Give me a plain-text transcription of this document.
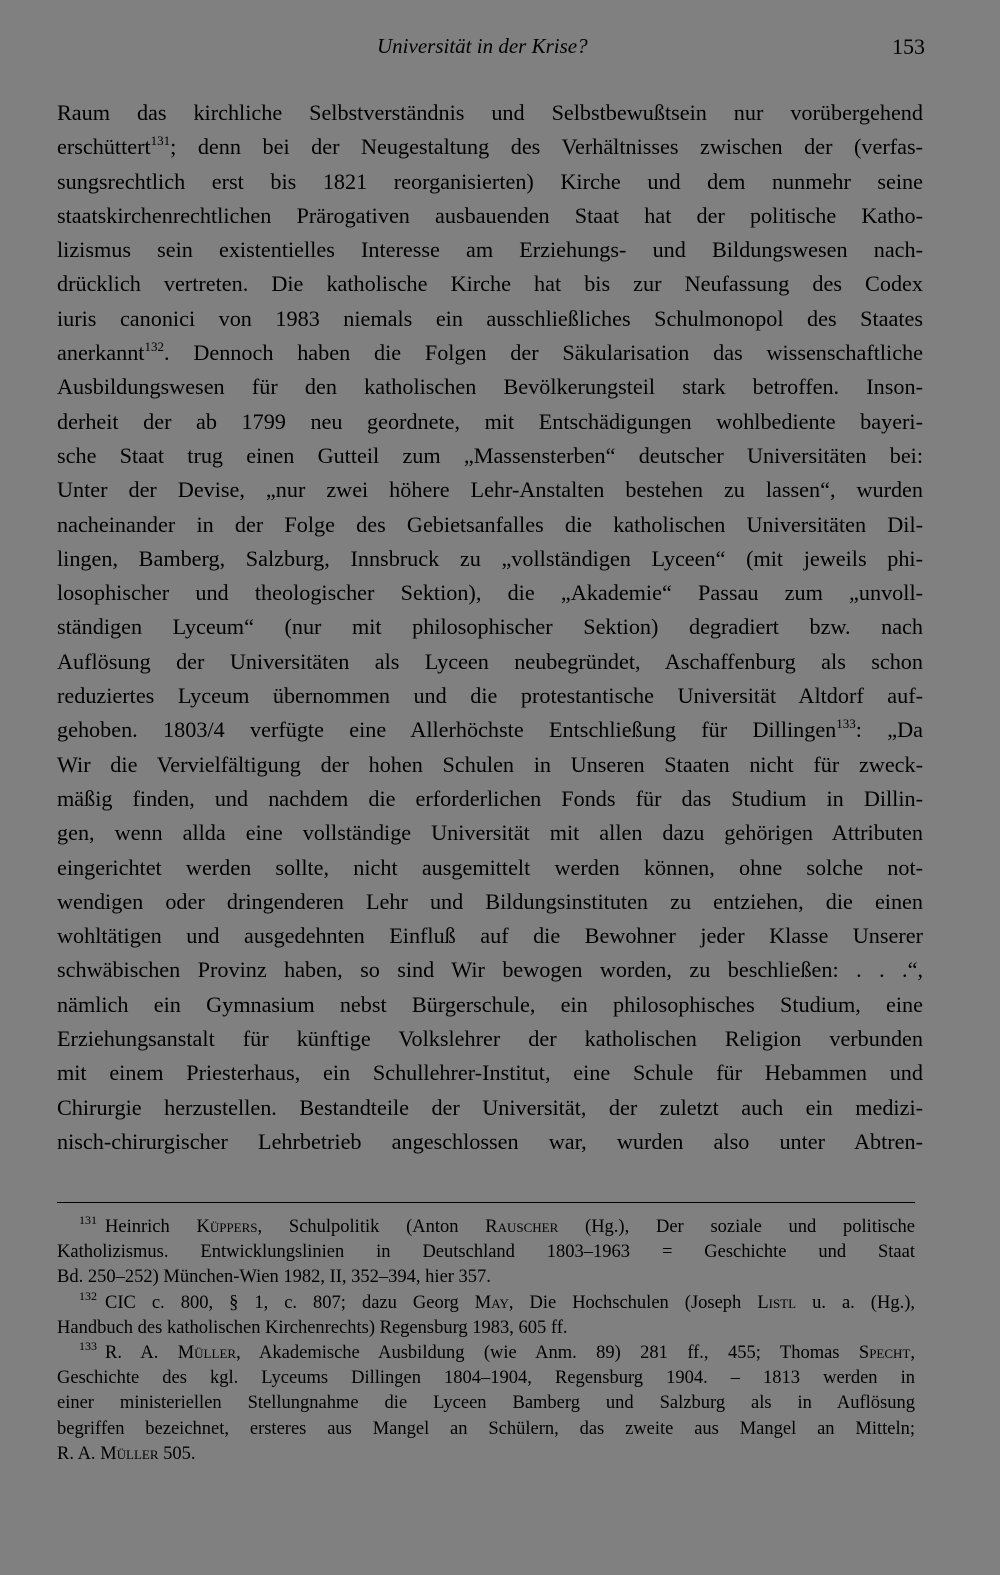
Universität in der Krise?	153
Raum das kirchliche Selbstverständnis und Selbstbewußtsein nur vorübergehend
erschüttert$^{131}$; denn bei der Neugestaltung des Verhältnisses zwischen der (verfas-
sungsrechtlich erst bis 1821 reorganisierten) Kirche und dem nunmehr seine
staatskirchenrechtlichen Prärogativen ausbauenden Staat hat der politische Katho-
lizismus sein existentielles Interesse am Erziehungs- und Bildungswesen nach-
drücklich vertreten. Die katholische Kirche hat bis zur Neufassung des Codex
iuris canonici von 1983 niemals ein ausschließliches Schulmonopol des Staates
anerkannt$^{132}$. Dennoch haben die Folgen der Säkularisation das wissenschaftliche
Ausbildungswesen für den katholischen Bevölkerungsteil stark betroffen. Inson-
derheit der ab 1799 neu geordnete, mit Entschädigungen wohlbediente bayeri-
sche Staat trug einen Gutteil zum „Massensterben“ deutscher Universitäten bei:
Unter der Devise, „nur zwei höhere Lehr-Anstalten bestehen zu lassen“, wurden
nacheinander in der Folge des Gebietsanfalles die katholischen Universitäten Dil-
lingen, Bamberg, Salzburg, Innsbruck zu „vollständigen Lyceen“ (mit jeweils phi-
losophischer und theologischer Sektion), die „Akademie“ Passau zum „unvoll-
ständigen Lyceum“ (nur mit philosophischer Sektion) degradiert bzw. nach
Auflösung der Universitäten als Lyceen neubegründet, Aschaffenburg als schon
reduziertes Lyceum übernommen und die protestantische Universität Altdorf auf-
gehoben. 1803/4 verfügte eine Allerhöchste Entschließung für Dillingen$^{133}$: „Da
Wir die Vervielfältigung der hohen Schulen in Unseren Staaten nicht für zweck-
mäßig finden, und nachdem die erforderlichen Fonds für das Studium in Dillin-
gen, wenn allda eine vollständige Universität mit allen dazu gehörigen Attributen
eingerichtet werden sollte, nicht ausgemittelt werden können, ohne solche not-
wendigen oder dringenderen Lehr und Bildungsinstituten zu entziehen, die einen
wohltätigen und ausgedehnten Einfluß auf die Bewohner jeder Klasse Unserer
schwäbischen Provinz haben, so sind Wir bewogen worden, zu beschließen: . . .“,
nämlich ein Gymnasium nebst Bürgerschule, ein philosophisches Studium, eine
Erziehungsanstalt für künftige Volkslehrer der katholischen Religion verbunden
mit einem Priesterhaus, ein Schullehrer-Institut, eine Schule für Hebammen und
Chirurgie herzustellen. Bestandteile der Universität, der zuletzt auch ein medizi-
nisch-chirurgischer Lehrbetrieb angeschlossen war, wurden also unter Abtren-
$^{131}$ Heinrich Küppers, Schulpolitik (Anton Rauscher (Hg.), Der soziale und politische
Katholizismus. Entwicklungslinien in Deutschland 1803–1963 = Geschichte und Staat
Bd. 250–252) München-Wien 1982, II, 352–394, hier 357.
$^{132}$ CIC c. 800, § 1, c. 807; dazu Georg May, Die Hochschulen (Joseph Listl u. a. (Hg.),
Handbuch des katholischen Kirchenrechts) Regensburg 1983, 605 ff.
$^{133}$ R. A. Müller, Akademische Ausbildung (wie Anm. 89) 281 ff., 455; Thomas Specht,
Geschichte des kgl. Lyceums Dillingen 1804–1904, Regensburg 1904. – 1813 werden in
einer ministeriellen Stellungnahme die Lyceen Bamberg und Salzburg als in Auflösung
begriffen bezeichnet, ersteres aus Mangel an Schülern, das zweite aus Mangel an Mitteln;
R. A. Müller 505.
